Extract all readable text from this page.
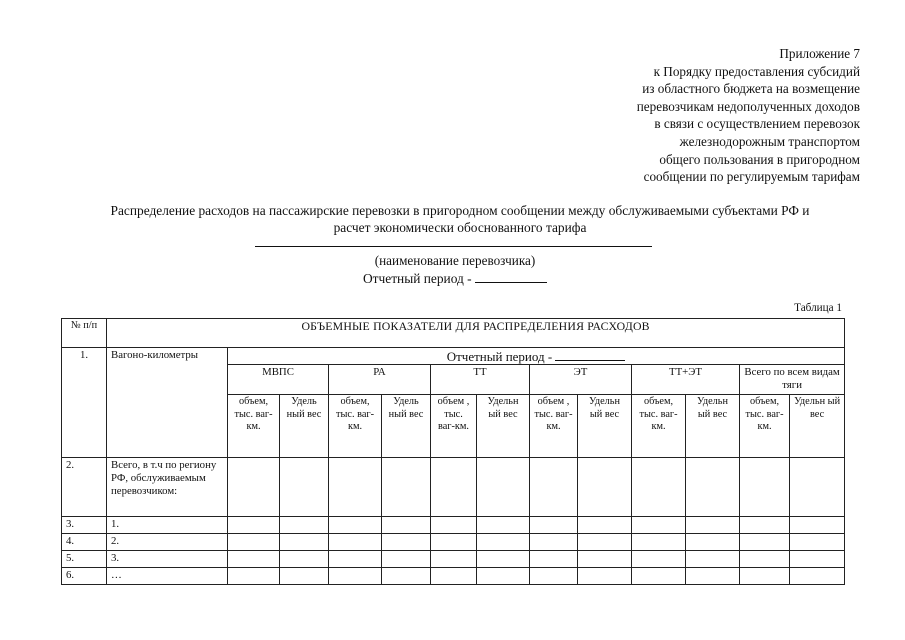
Приложение 7
к Порядку предоставления субсидий
из областного бюджета на возмещение
перевозчикам недополученных доходов
в связи с осуществлением перевозок
железнодорожным транспортом
общего пользования в пригородном
сообщении по регулируемым тарифам
Распределение расходов на пассажирские перевозки в пригородном сообщении между обслуживаемыми субъектами РФ и
расчет экономически обоснованного тарифа
(наименование перевозчика)
Отчетный период -
Таблица 1
№ п/п	ОБЪЕМНЫЕ ПОКАЗАТЕЛИ ДЛЯ РАСПРЕДЕЛЕНИЯ РАСХОДОВ												
1.	Вагоно-километры	Отчетный период -											
		МВПС		РА		ТТ		ЭТ		ТТ+ЭТ		Всего по всем видам тяги	
		объем, тыс. ваг-км.	Удель ный вес	объем, тыс. ваг-км.	Удель ный вес	объем , тыс. ваг-км.	Удельн ый вес	объем , тыс. ваг-км.	Удельн ый вес	объем, тыс. ваг-км.	Удельн ый вес	объем, тыс. ваг-км.	Удельн ый вес
2.	Всего, в т.ч по региону РФ, обслуживаемым перевозчиком:												
3.	1.												
4.	2.												
5.	3.												
6.	…												
